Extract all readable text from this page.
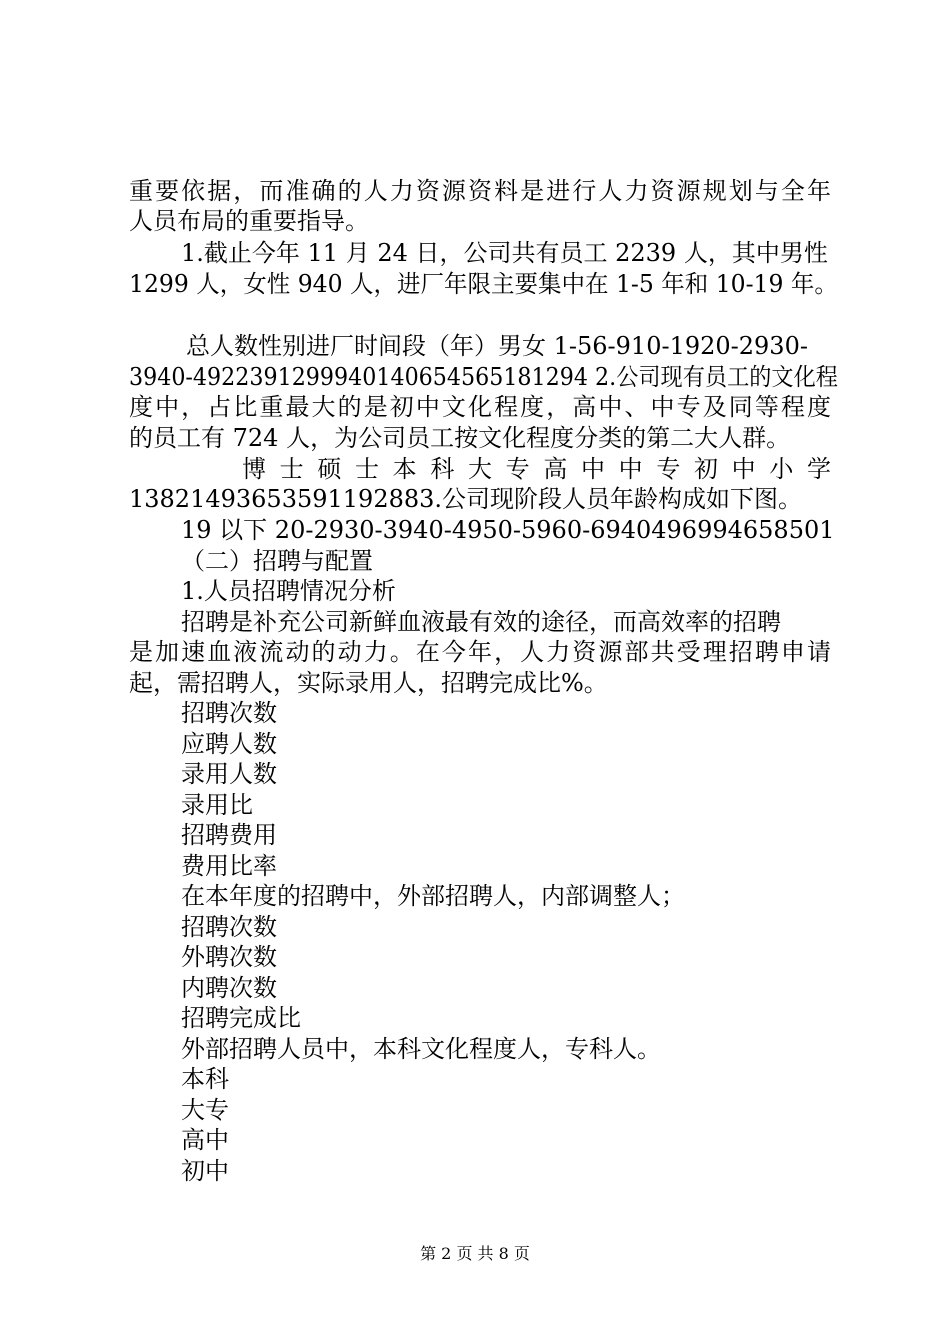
重要依据，而准确的人力资源资料是进行人力资源规划与全年
人员布局的重要指导。
1.截止今年 11 月 24 日，公司共有员工 2239 人，其中男性
1299 人，女性 940 人，进厂年限主要集中在 1-5 年和 10-19 年。
总人数性别进厂时间段（年）男女 1-56-910-1920-2930-
3940-4922391299940140654565181294 2.公司现有员工的文化程
度中，占比重最大的是初中文化程度，高中、中专及同等程度
的员工有 724 人，为公司员工按文化程度分类的第二大人群。
博士硕士本科大专高中中专初中小学
13821493653591192883.公司现阶段人员年龄构成如下图。
19 以下 20-2930-3940-4950-5960-6940496994658501
（二）招聘与配置
1.人员招聘情况分析
招聘是补充公司新鲜血液最有效的途径，而高效率的招聘
是加速血液流动的动力。在今年，人力资源部共受理招聘申请
起，需招聘人，实际录用人，招聘完成比%。
招聘次数
应聘人数
录用人数
录用比
招聘费用
费用比率
在本年度的招聘中，外部招聘人，内部调整人；
招聘次数
外聘次数
内聘次数
招聘完成比
外部招聘人员中，本科文化程度人，专科人。
本科
大专
高中
初中
第 2 页 共 8 页
